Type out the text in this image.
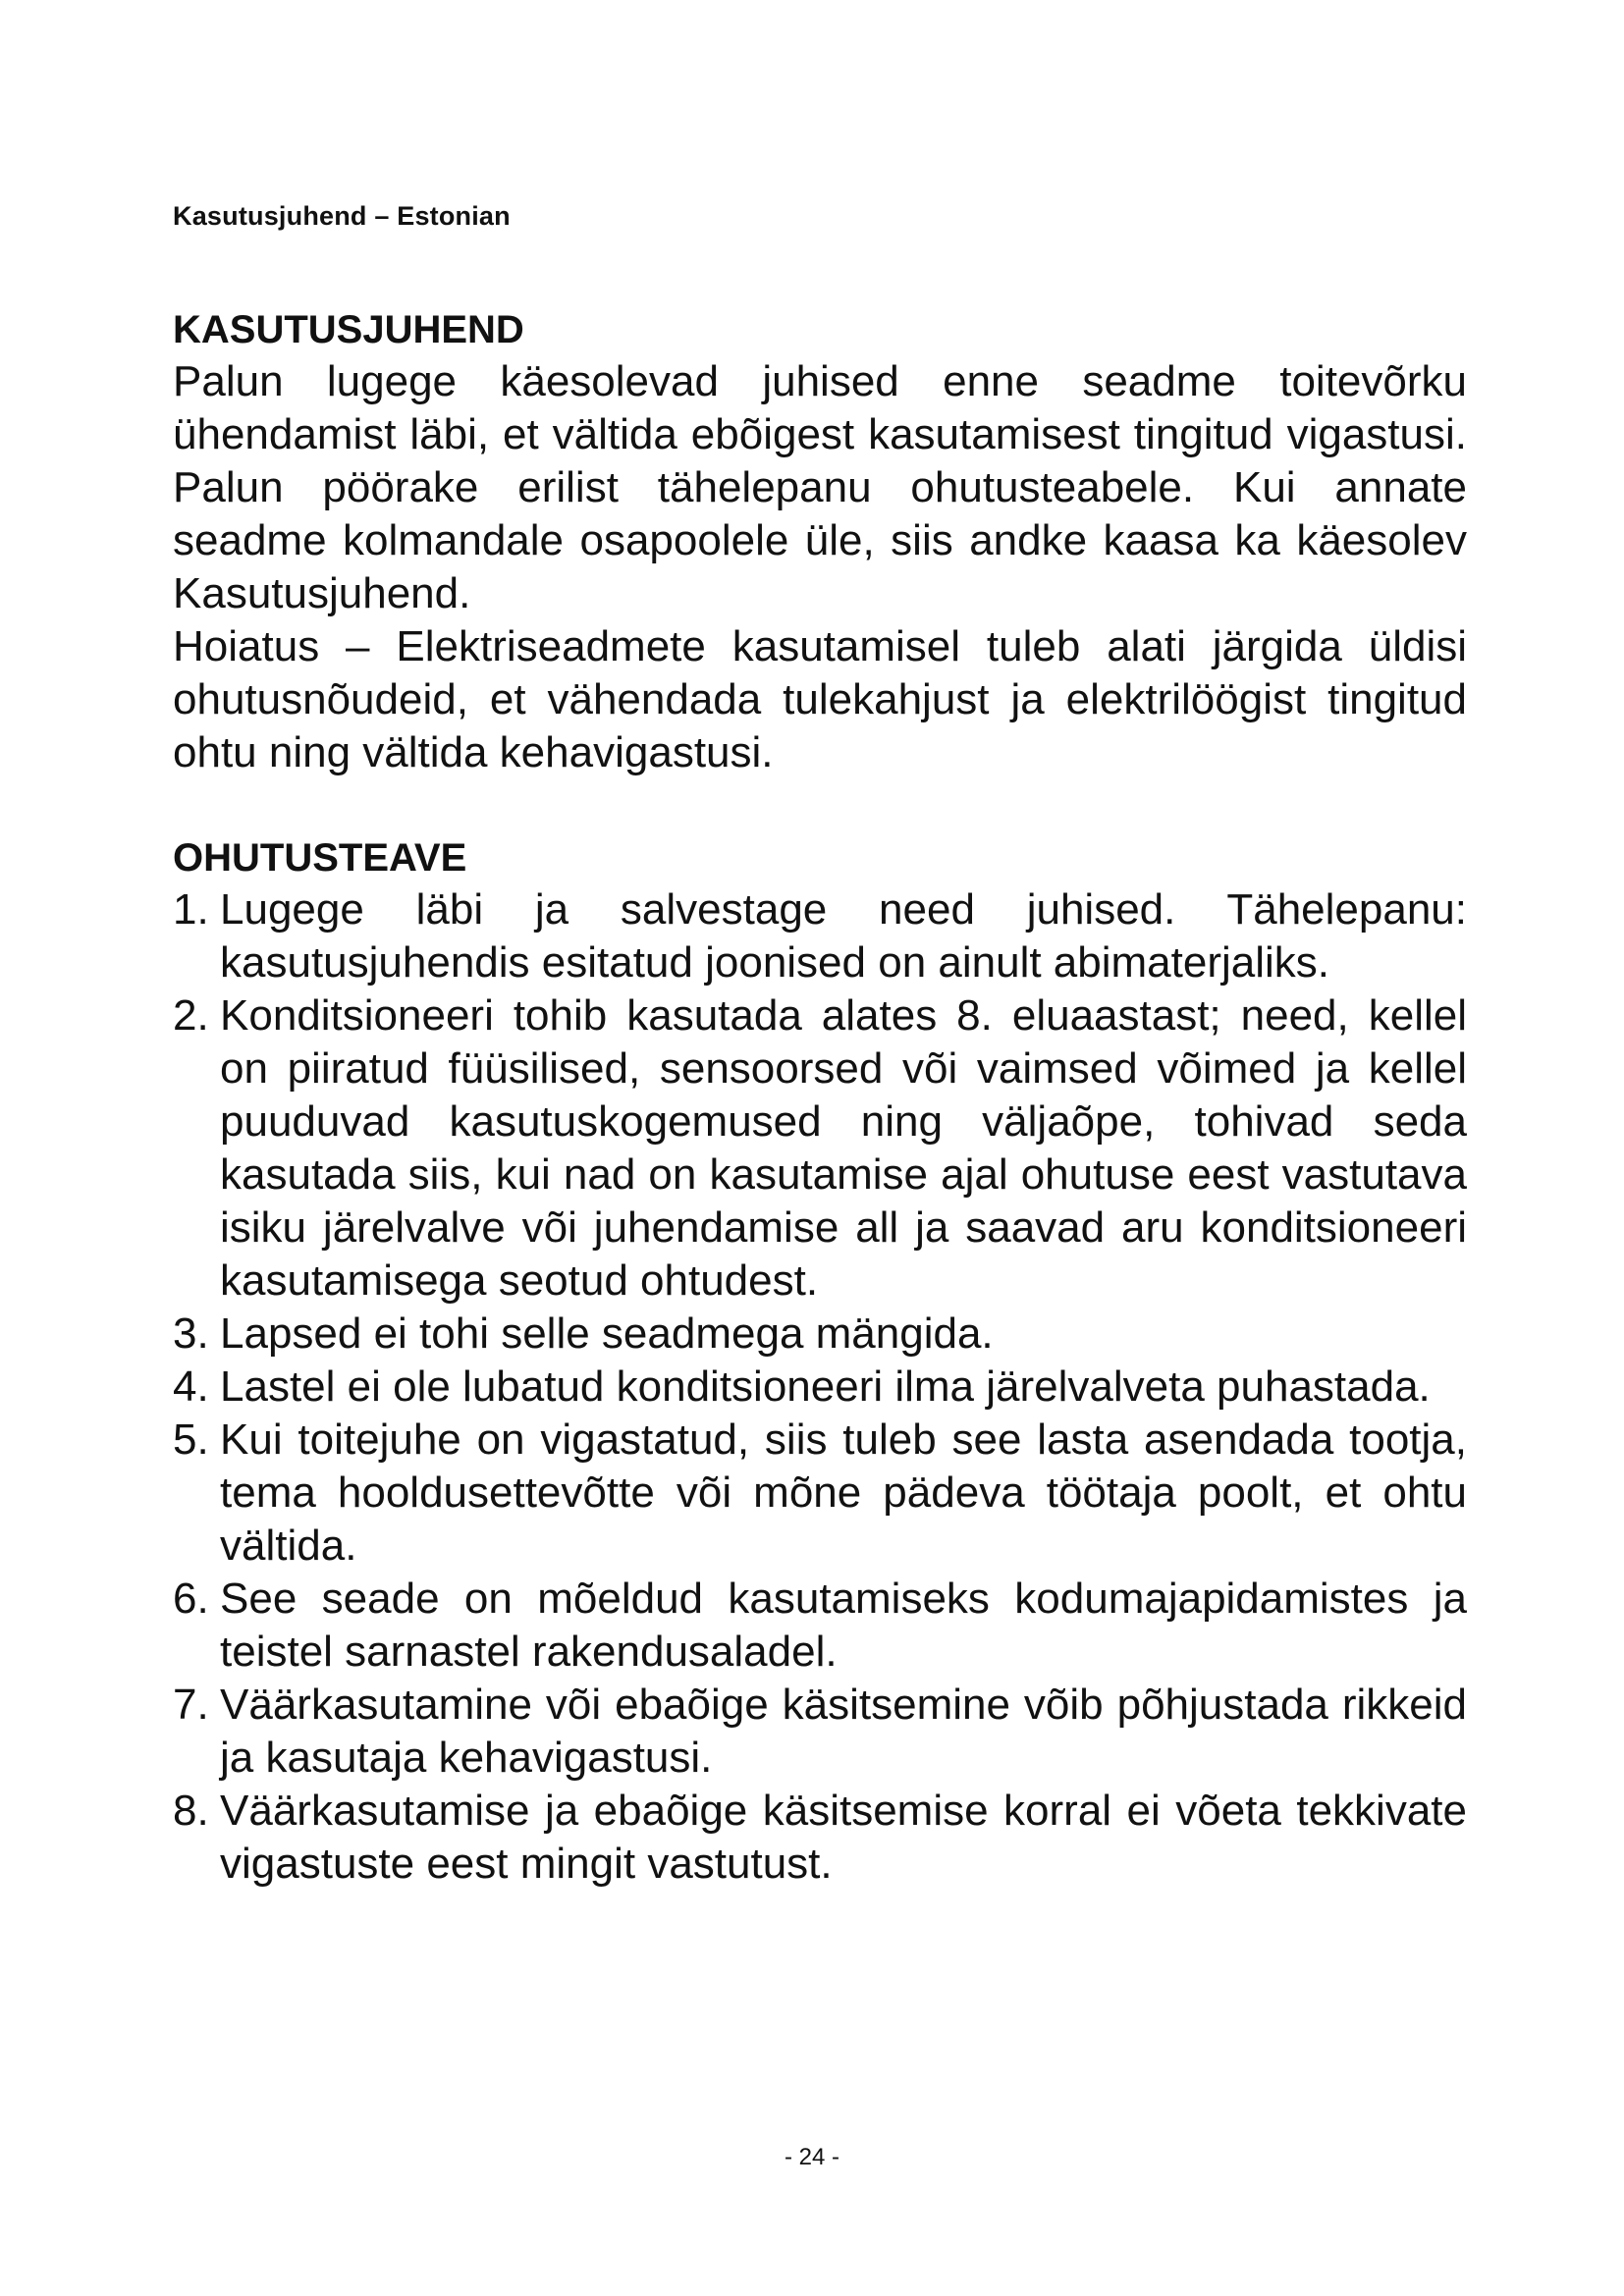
Kasutusjuhend – Estonian
KASUTUSJUHEND

Palun lugege käesolevad juhised enne seadme toitevõrku ühendamist läbi, et vältida ebõigest kasutamisest tingitud vigastusi. Palun pöörake erilist tähelepanu ohutusteabele. Kui annate seadme kolmandale osapoolele üle, siis andke kaasa ka käesolev Kasutusjuhend.

Hoiatus – Elektriseadmete kasutamisel tuleb alati järgida üldisi ohutusnõudeid, et vähendada tulekahjust ja elektrilöögist tingitud ohtu ning vältida kehavigastusi.

OHUTUSTEAVE
1. Lugege läbi ja salvestage need juhised. Tähelepanu: kasutusjuhendis esitatud joonised on ainult abimaterjaliks.
2. Konditsioneeri tohib kasutada alates 8. eluaastast; need, kellel on piiratud füüsilised, sensoorsed või vaimsed võimed ja kellel puuduvad kasutuskogemused ning väljaõpe, tohivad seda kasutada siis, kui nad on kasutamise ajal ohutuse eest vastutava isiku järelvalve või juhendamise all ja saavad aru konditsioneeri kasutamisega seotud ohtudest.
3. Lapsed ei tohi selle seadmega mängida.
4. Lastel ei ole lubatud konditsioneeri ilma järelvalveta puhastada.
5. Kui toitejuhe on vigastatud, siis tuleb see lasta asendada tootja, tema hooldusettevõtte või mõne pädeva töötaja poolt, et ohtu vältida.
6. See seade on mõeldud kasutamiseks kodumajapidamistes ja teistel sarnastel rakendusaladel.
7. Väärkasutamine või ebaõige käsitsemine võib põhjustada rikkeid ja kasutaja kehavigastusi.
8. Väärkasutamise ja ebaõige käsitsemise korral ei võeta tekkivate vigastuste eest mingit vastutust.
- 24 -
